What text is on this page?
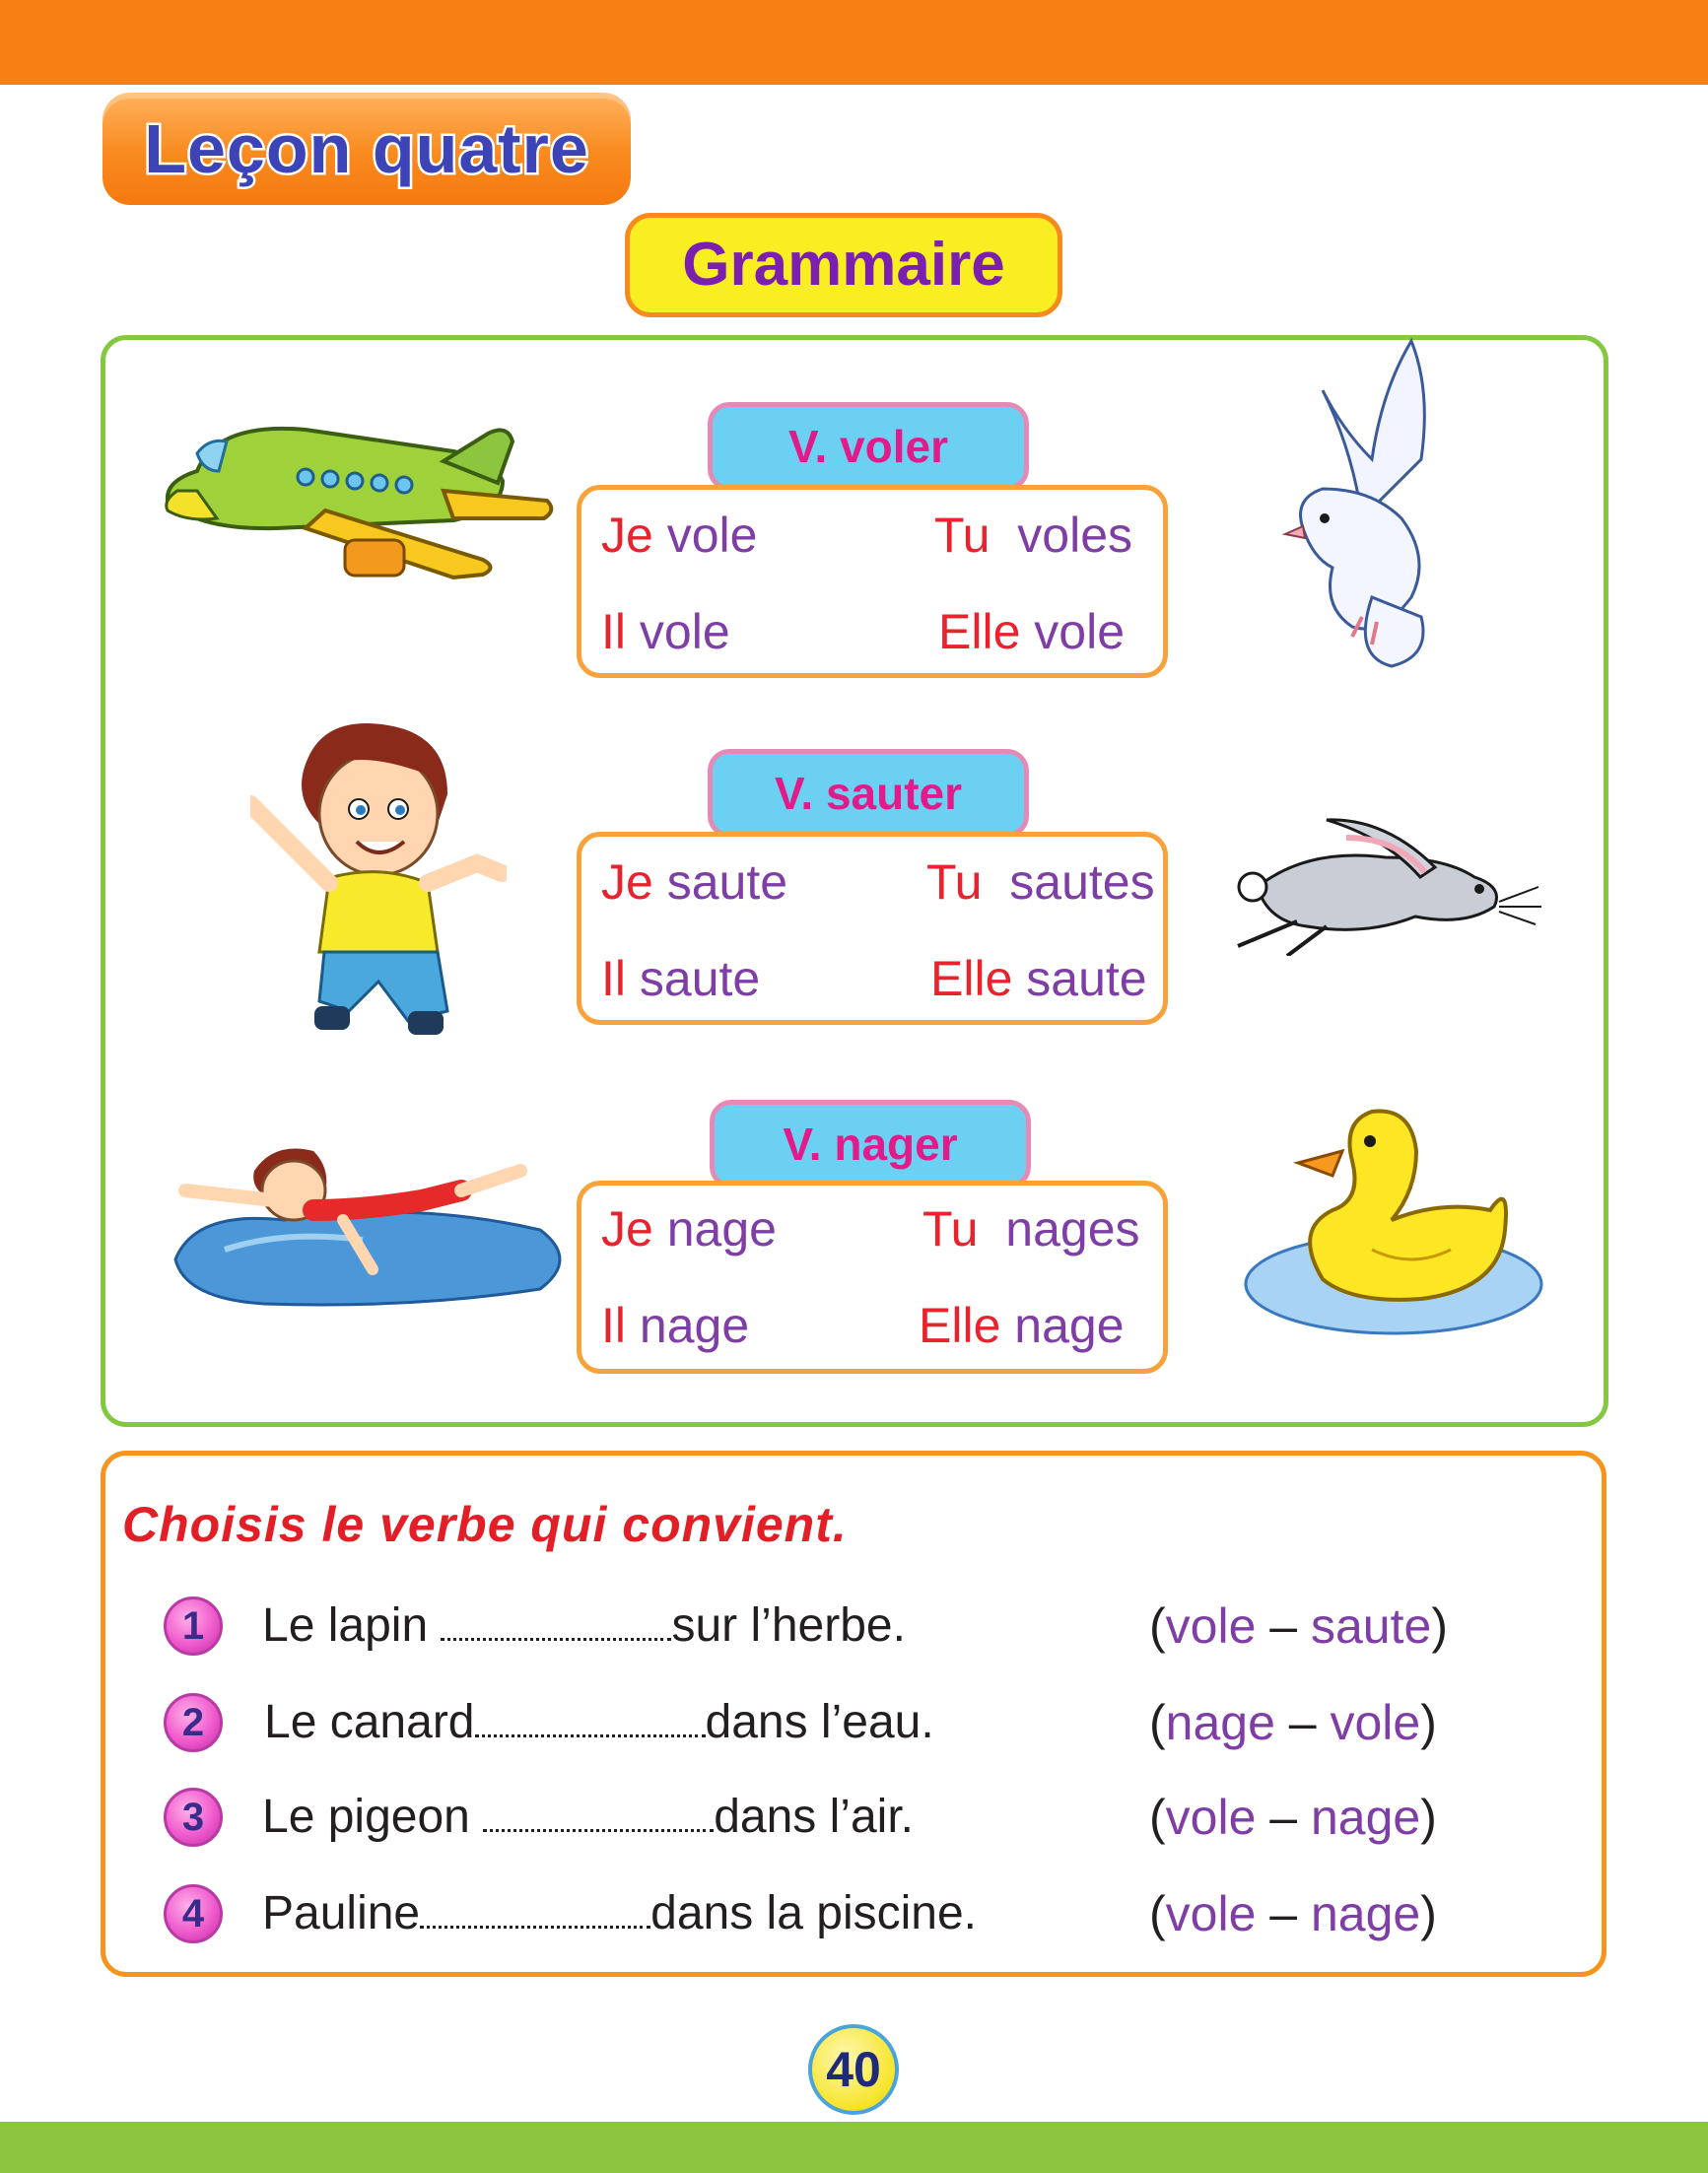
Leçon quatre
Grammaire
V. voler
Je vole	Tu voles
Il vole	Elle vole
V. sauter
Je saute	Tu sautes
Il saute	Elle saute
V. nager
Je nage	Tu nages
Il nage	Elle nage
Choisis le verbe qui convient.
1	Le lapin	sur l’herbe.	(vole – saute)
2	Le canard	dans l’eau.	(nage – vole)
3	Le pigeon	dans l’air.	(vole – nage)
4	Pauline	dans la piscine.	(vole – nage)
40
